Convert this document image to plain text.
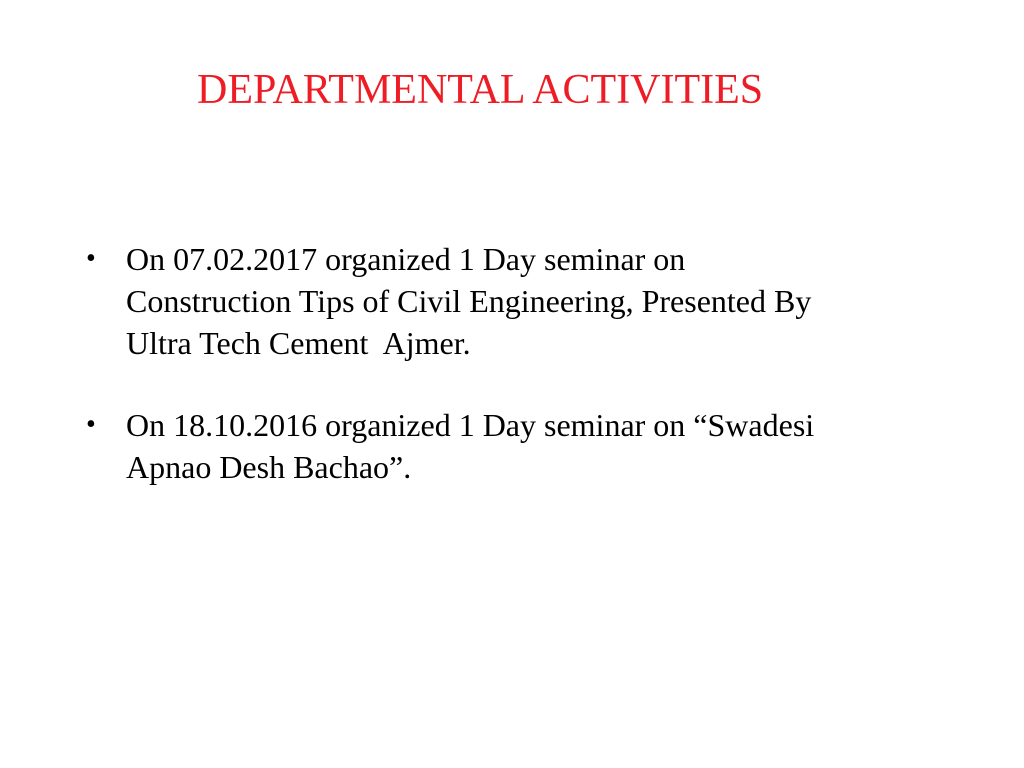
DEPARTMENTAL ACTIVITIES
• On 07.02.2017 organized 1 Day seminar on
Construction Tips of Civil Engineering, Presented By
Ultra Tech Cement  Ajmer.
• On 18.10.2016 organized 1 Day seminar on “Swadesi
Apnao Desh Bachao”.
